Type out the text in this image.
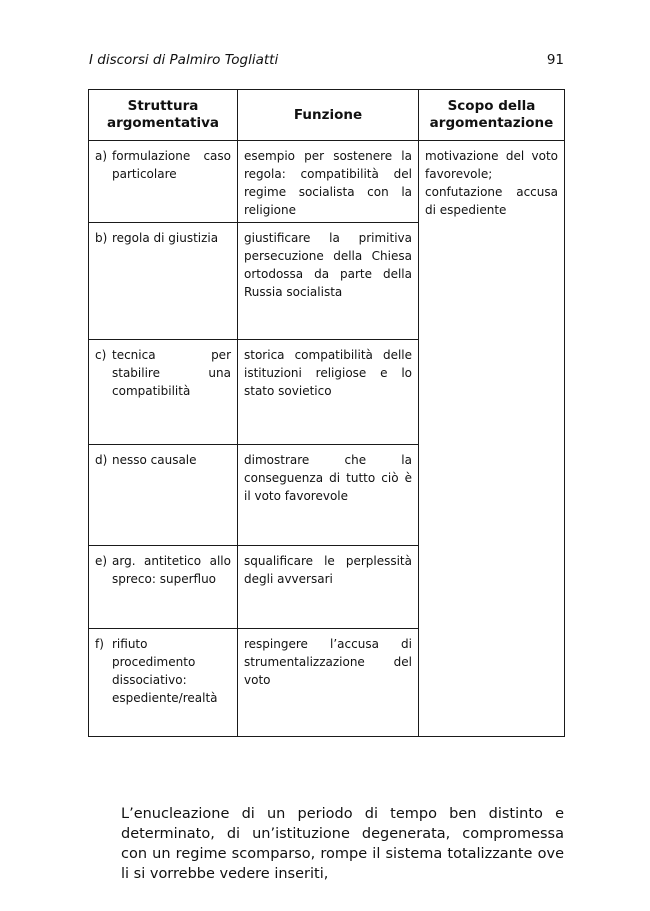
I discorsi di Palmiro Togliatti	91
Struttura argomentativa	Funzione	Scopo della argomentazione

a) formulazione caso particolare	esempio per sostenere la regola: compatibilità del regime socialista con la religione	motivazione del voto favorevole; confutazione accusa di espediente

b) regola di giustizia	giustificare la primitiva persecuzione della Chiesa ortodossa da parte della Russia socialista	

c) tecnica per stabilire una compatibilità	storica compatibilità delle istituzioni religiose e lo stato sovietico	

d) nesso causale	dimostrare che la conseguenza di tutto ciò è il voto favorevole	

e) arg. antitetico allo spreco: superfluo	squalificare le perplessità degli avversari	

f) rifiuto procedimento dissociativo: espediente/realtà	respingere l’accusa di strumentalizzazione del voto	

L’enucleazione di un periodo di tempo ben distinto e determinato, di un’istituzione degenerata, compromessa con un regime scomparso, rompe il sistema totalizzante ove li si vorrebbe vedere inseriti,
